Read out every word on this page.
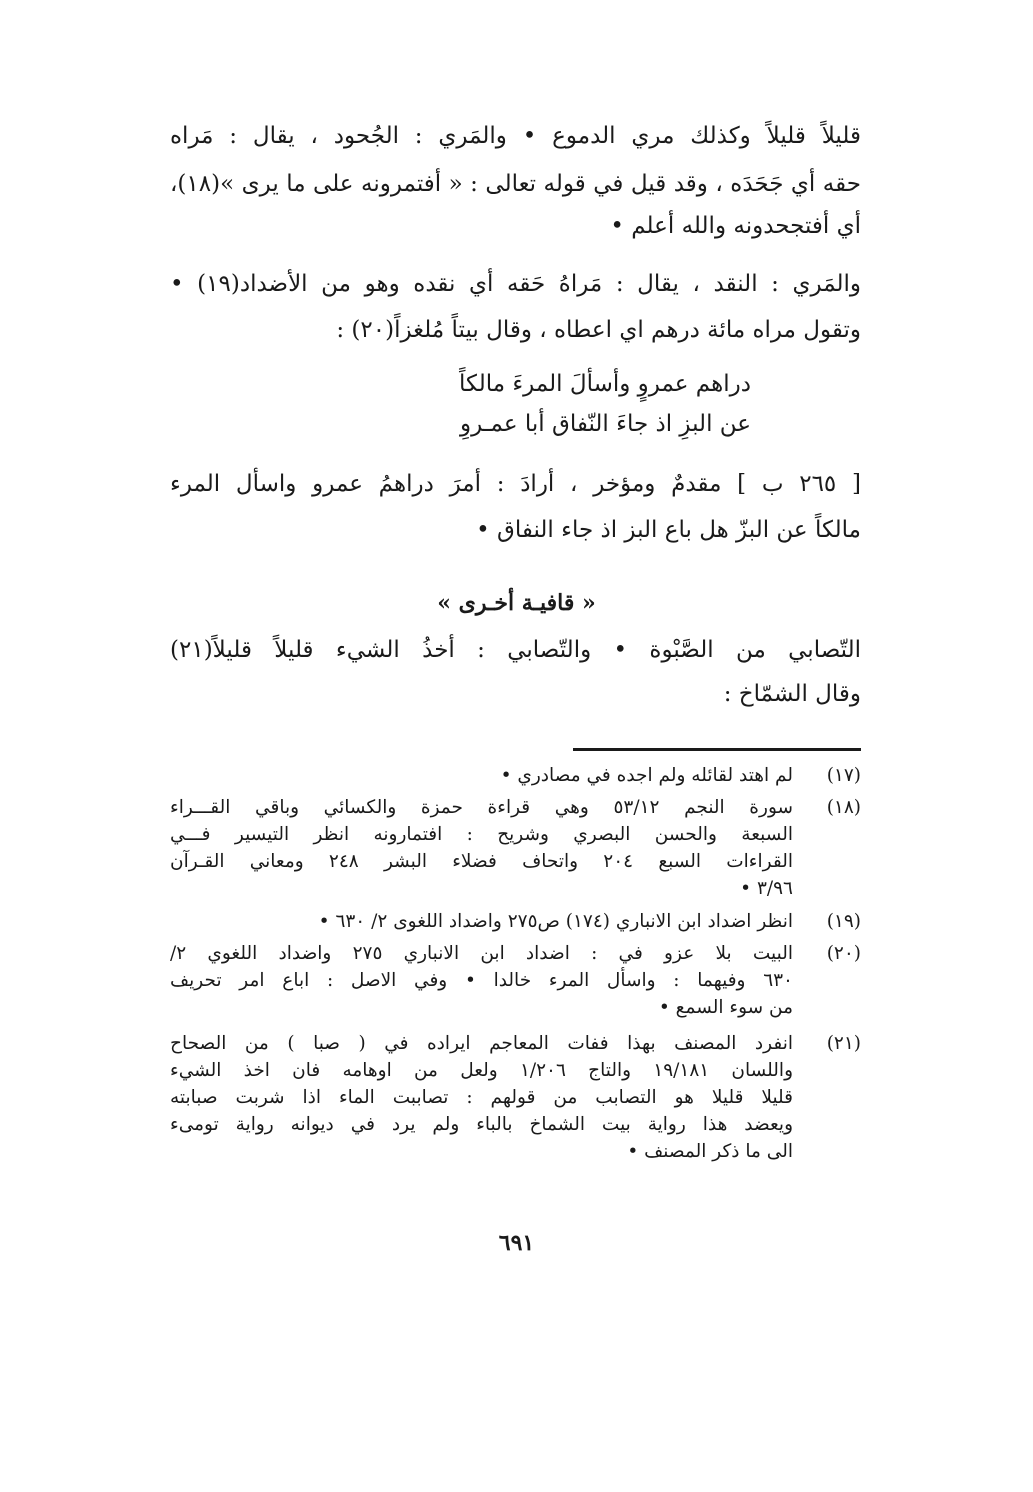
قليلاً قليلاً وكذلك مري الدموع • والمَري : الجُحود ، يقال : مَراه
حقه أي جَحَدَه ، وقد قيل في قوله تعالى : « أفتمرونه على ما يرى »(١٨)،
أي أفتجحدونه والله أعلم •
والمَري : النقد ، يقال : مَراهُ حَقه أي نقده وهو من الأضداد(١٩) •
وتقول مراه مائة درهم اي اعطاه ، وقال بيتاً مُلغزاً(٢٠) :
دراهم عمروٍ وأسألَ المرءَ مالكاً
عن البزِ اذ جاءَ النّفاق أبا عمـروِ
[ ٢٦٥ ب ] مقدمٌ ومؤخر ، أرادَ : أمرَ دراهمُ عمرو واسأل المرء
مالكاً عن البزّ هل باع البز اذ جاء النفاق •
« قافيـة أخـرى »
التّصابي من الصَّبْوة • والتّصابي : أخذُ الشيء قليلاً قليلاً(٢١)
وقال الشمّاخ :
(١٧)
لم اهتد لقائله ولم اجده في مصادري •
(١٨)
سورة النجم ٥٣/١٢ وهي قراءة حمزة والكسائي وباقي القـــراء
السبعة والحسن البصري وشريح : افتمارونه انظر التيسير فـــي
القراءات السبع ٢٠٤ واتحاف فضلاء البشر ٢٤٨ ومعاني القـرآن
٣/٩٦ •
(١٩)
انظر اضداد ابن الانباري (١٧٤) ص٢٧٥ واضداد اللغوى ٢/ ٦٣٠ •
(٢٠)
البيت بلا عزو في : اضداد ابن الانباري ٢٧٥ واضداد اللغوي ٢/
٦٣٠ وفيهما : واسأل المرء خالدا • وفي الاصل : اباع امر تحريف
من سوء السمع •
(٢١)
انفرد المصنف بهذا ففات المعاجم ايراده في ( صبا ) من الصحاح
واللسان ١٩/١٨١ والتاج ١/٢٠٦ ولعل من اوهامه فان اخذ الشيء
قليلا قليلا هو التصابب من قولهم : تصاببت الماء اذا شربت صبابته
ويعضد هذا رواية بيت الشماخ بالباء ولم يرد في ديوانه رواية تومىء
الى ما ذكر المصنف •
٦٩١
